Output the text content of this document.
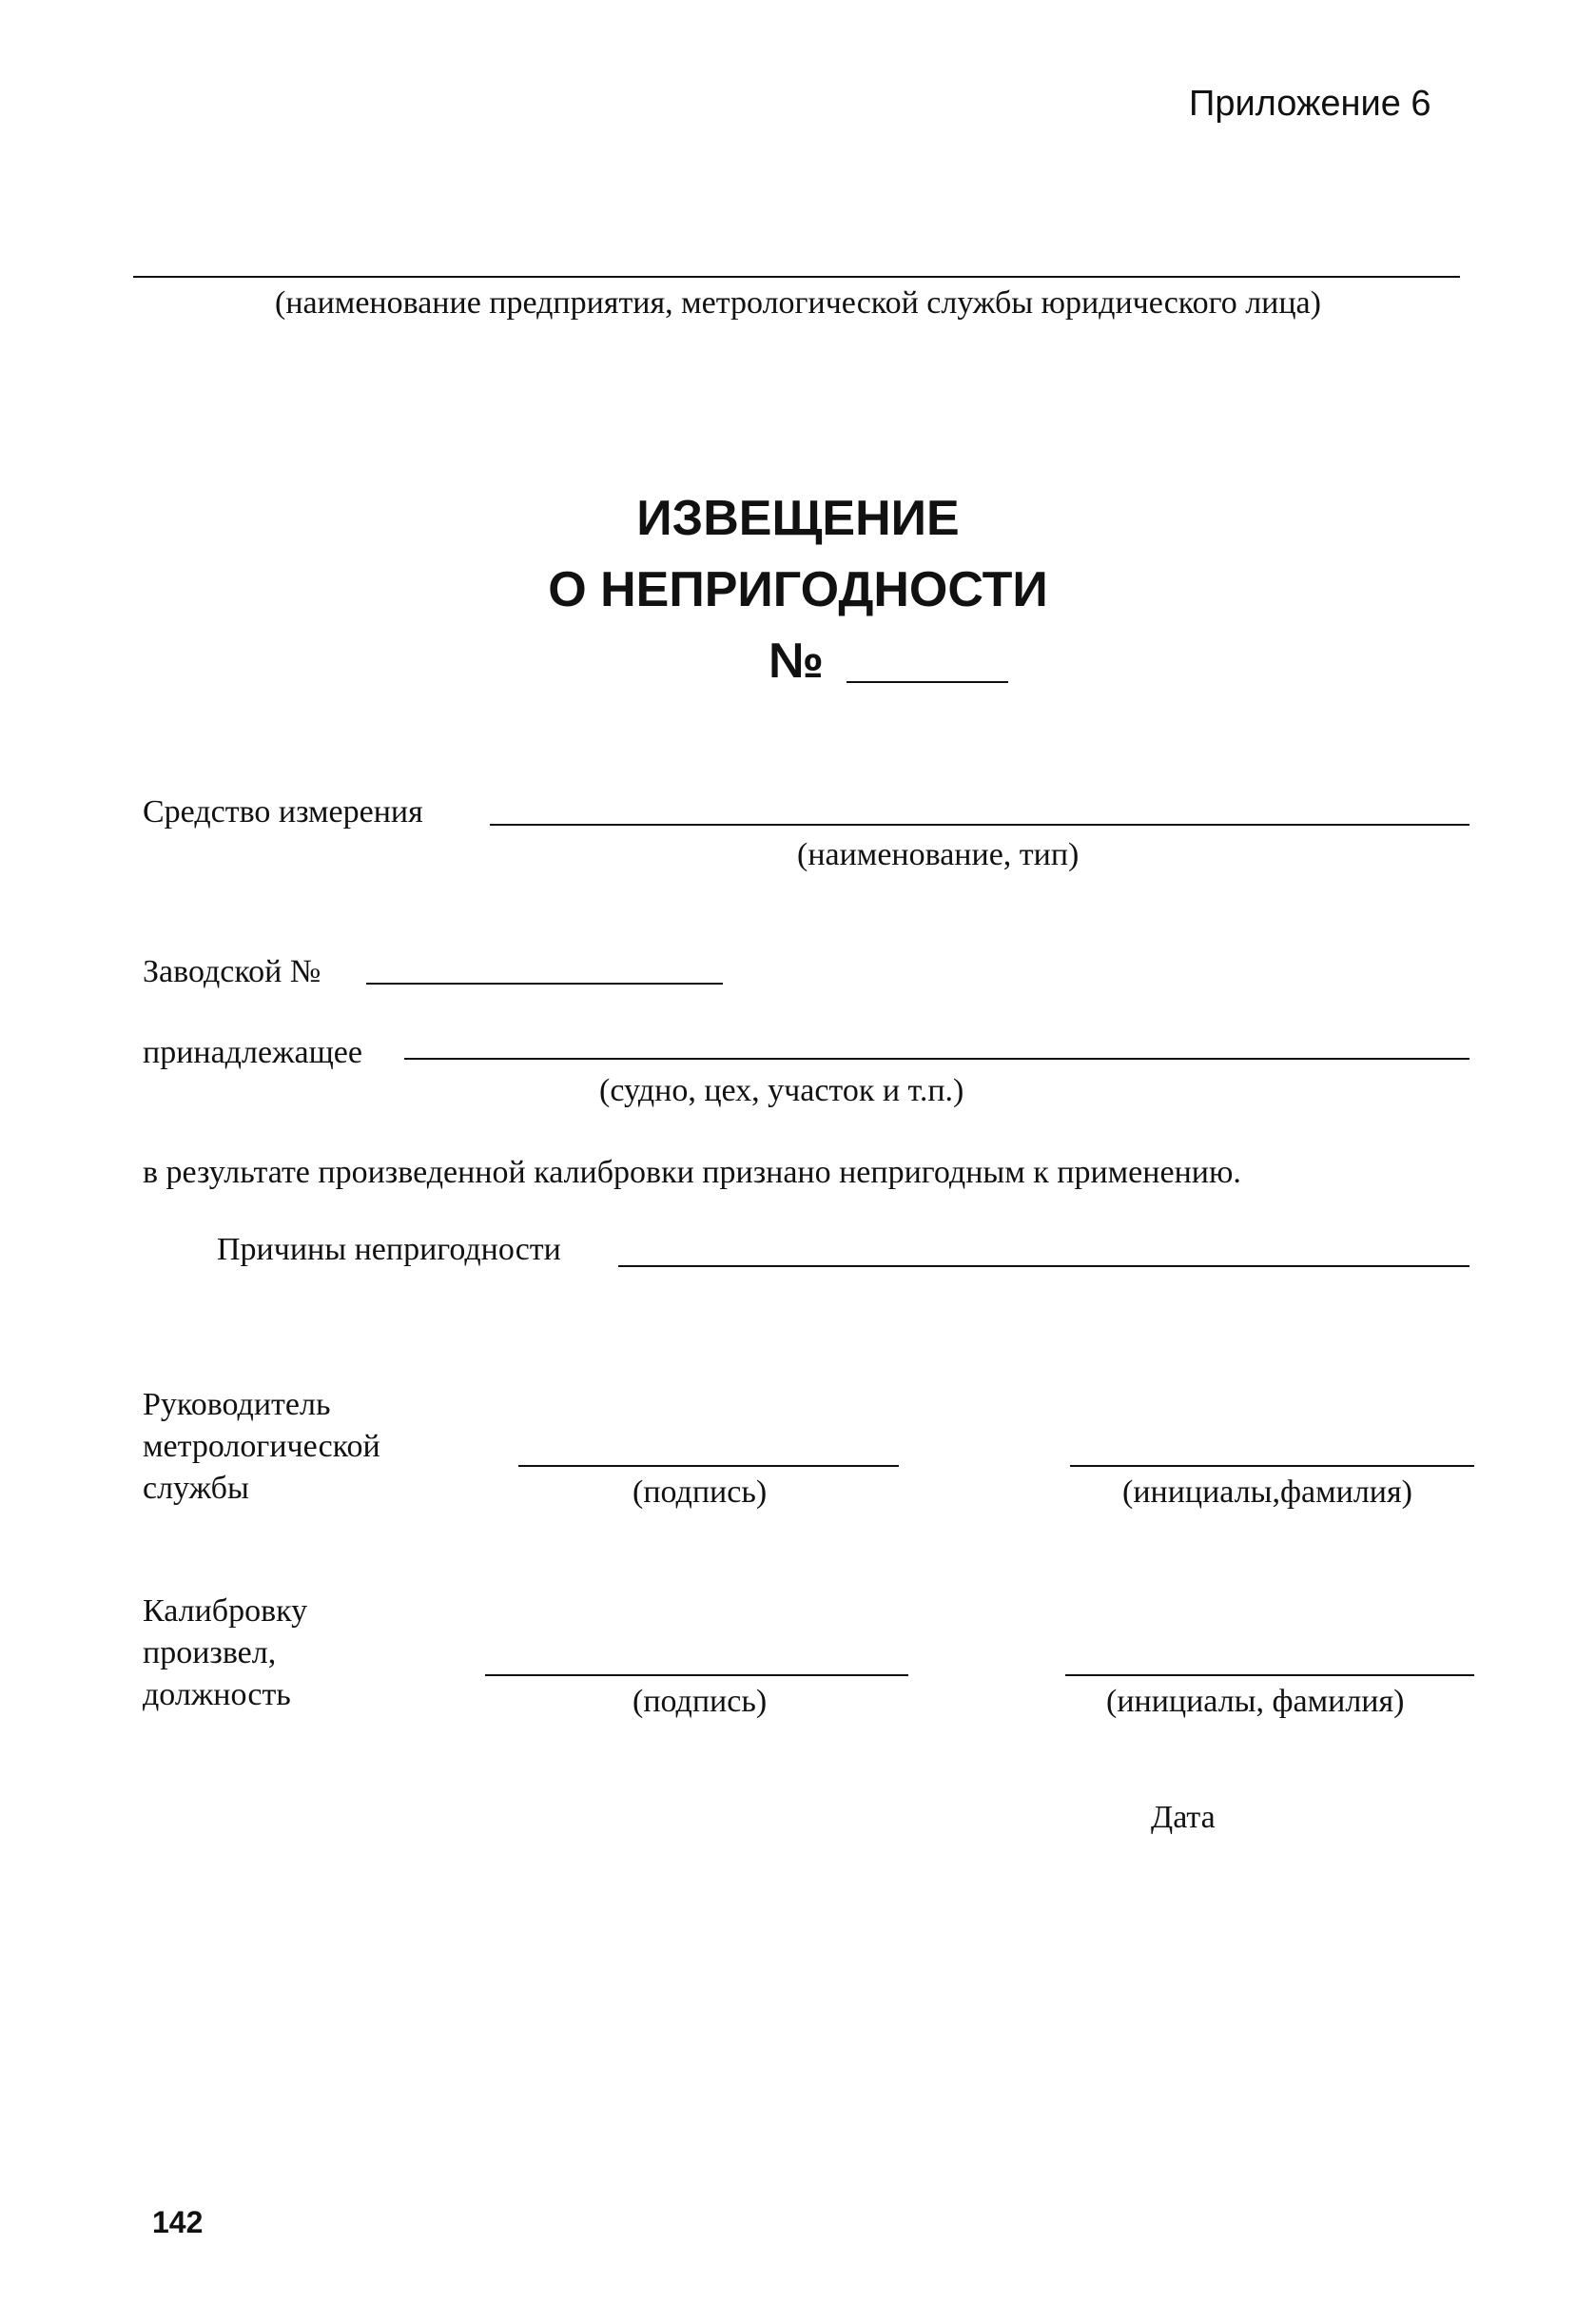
Приложение 6
(наименование предприятия, метрологической службы юридического лица)
ИЗВЕЩЕНИЕ
О НЕПРИГОДНОСТИ
№
Средство измерения
(наименование, тип)
Заводской №
принадлежащее
(судно, цех, участок и т.п.)
в результате произведенной калибровки признано непригодным к применению.
Причины непригодности
Руководитель
метрологической
службы	(подпись)	(инициалы,фамилия)
Калибровку
произвел,
должность	(подпись)	(инициалы, фамилия)
Дата
142
